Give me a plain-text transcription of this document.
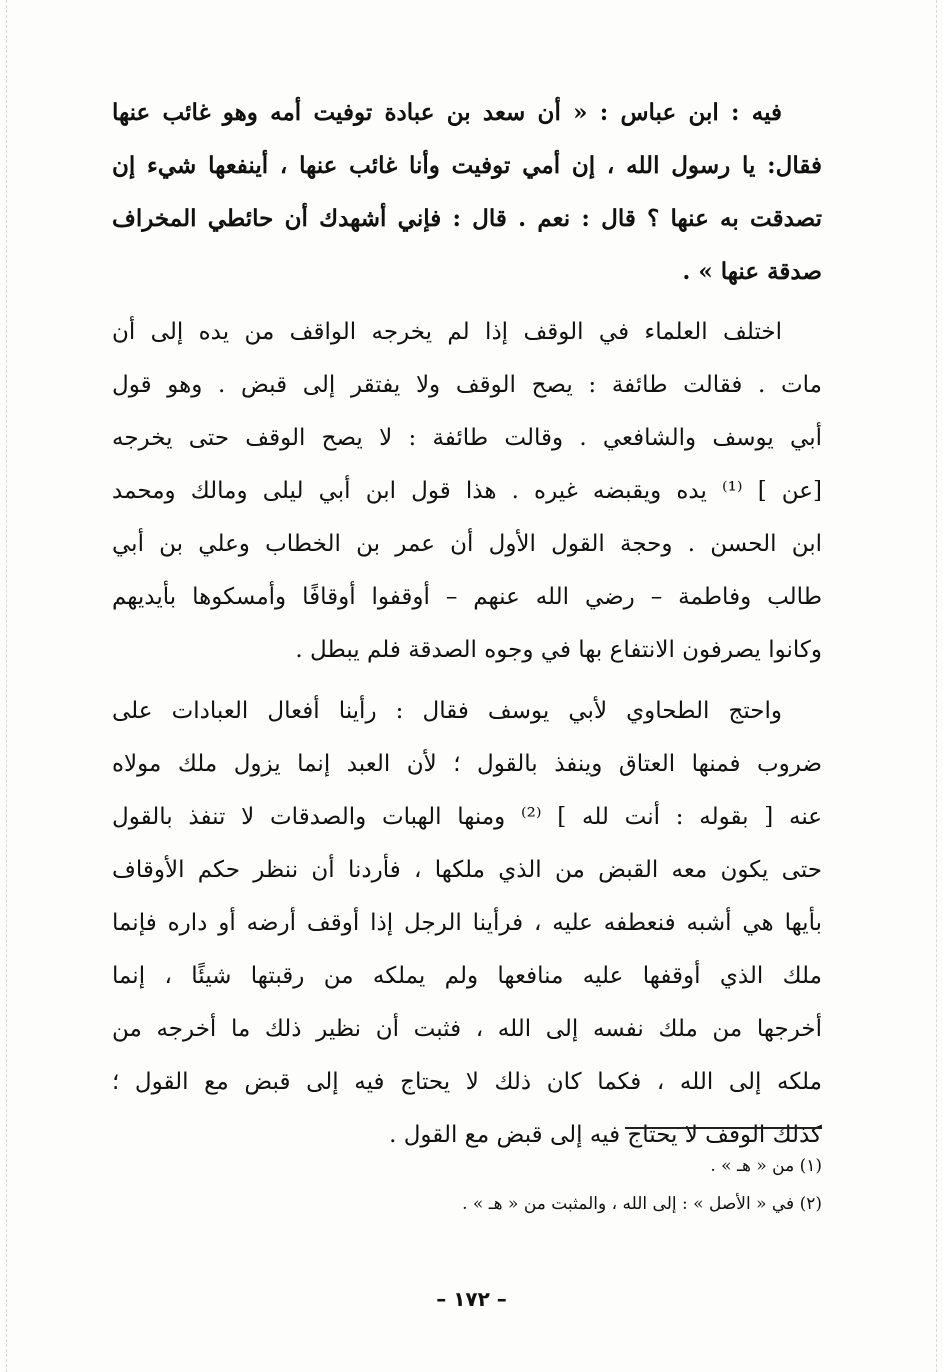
فيه : ابن عباس : « أن سعد بن عبادة توفيت أمه وهو غائب عنها
فقال: يا رسول الله ، إن أمي توفيت وأنا غائب عنها ، أينفعها شيء إن
تصدقت به عنها ؟ قال : نعم . قال : فإني أشهدك أن حائطي المخراف
صدقة عنها » .

اختلف العلماء في الوقف إذا لم يخرجه الواقف من يده إلى أن
مات . فقالت طائفة : يصح الوقف ولا يفتقر إلى قبض . وهو قول
أبي يوسف والشافعي . وقالت طائفة : لا يصح الوقف حتى يخرجه
[عن ] ⁽¹⁾ يده ويقبضه غيره . هذا قول ابن أبي ليلى ومالك ومحمد
ابن الحسن . وحجة القول الأول أن عمر بن الخطاب وعلي بن أبي
طالب وفاطمة – رضي الله عنهم – أوقفوا أوقافًا وأمسكوها بأيديهم
وكانوا يصرفون الانتفاع بها في وجوه الصدقة فلم يبطل .

واحتج الطحاوي لأبي يوسف فقال : رأينا أفعال العبادات على
ضروب فمنها العتاق وينفذ بالقول ؛ لأن العبد إنما يزول ملك مولاه
عنه [ بقوله : أنت لله ] ⁽²⁾ ومنها الهبات والصدقات لا تنفذ بالقول
حتى يكون معه القبض من الذي ملكها ، فأردنا أن ننظر حكم الأوقاف
بأيها هي أشبه فنعطفه عليه ، فرأينا الرجل إذا أوقف أرضه أو داره فإنما
ملك الذي أوقفها عليه منافعها ولم يملكه من رقبتها شيئًا ، إنما
أخرجها من ملك نفسه إلى الله ، فثبت أن نظير ذلك ما أخرجه من
ملكه إلى الله ، فكما كان ذلك لا يحتاج فيه إلى قبض مع القول ؛
كذلك الوقف لا يحتاج فيه إلى قبض مع القول .

(١) من « هـ » .
(٢) في « الأصل » : إلى الله ، والمثبت من « هـ » .
– ١٧٢ –
